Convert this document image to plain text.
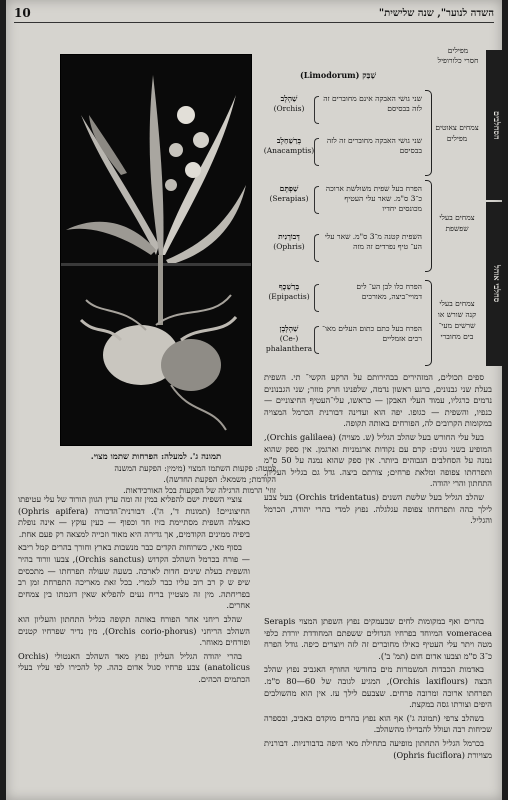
10	"השדה לנוער", שנה שלישית
תמונה ג'. למעלה: הפרחות שתמו מצוי.
למטה: פקעות השתמו המצוי (מימין: הפקעת המשנה
הקודמת; משמאל: הפקעת החדשה).
זוזי' הרמות הרגילה של הפקעות בכל האורכידאות.
הסחלבים
סחלבי אוהל
מפילים
חסרי כלורופיל
שַׁבַּק (Limodorum)
צמחים צאוטים מפילים
צמחים בעלי שפשפת
צמחים בעלי קנה שורש או שרשים מעי־ בים מחוברי
שני גושי האבקה אינם מחוברים זה לזה בבסיסם
שַׁהְלָב
(Orchis)
שני גושי האבקה מחוברים זה לזה בבסיסם
בְּרַשֵׁחַלָב
(Anacamptis)
הפרח בעל שפית משולשת ארוכה כ־3 ס"מ. שאר עלי העטיף מכונסים יחדיו
שַׁפְתָּם
(Serapias)
השפית קטנה מ־3 ס"מ. שאר עלי הע־ טיף נפרדים זה מזה
דְּבוֹרָנִית
(Ophris)
הפרח כלו לבן הע־ לים דמויי־ביצה, מאורכים
בְּרַשֵׁכֶף
(Epipactis)
הפרח בעל כתם כתום העלים מאו־ רכים אזמליים
שַׁהְלָבָן
(Ce-) phalanthera

ספים תכולים, המזהירים בבהירותם על הרקע הקשי־ תי. השפית בעלת שני גבנונים, ברגע ראשון נדמה, שלפנינו חרק מוזר; שני הגבנונים נדמים כרגליו, עמוד העלי האבקן — כראשו, עלי־העטיף החיצוניים — כנפיו, והשפית — כגופו. יפה הוא ועדינה דבורנית הכרמל המצויה במקומות הקרובים לה, הפורחים באותה תקופה.

בעל עלי החורש בעל שהלב הגליל (ש. מצויה) (Orchis galilaea), המופיע בשני גונים: קרם עם נקודות ארגמניות וארגמן. אין ספק שהוא נמנה על הסחלבים הגבוהים ביותר. אין ספק שהוא נמנה על 50 ס"מ ותפרחתו צפופה ומלאת פרחים; צורתם ביצה. גדל גם בגליל העליון, התחתון והרי יהודה.

שהלב הגליל בעל שלשת השנים (Orchis tridentatus) בעל צבע לילך כהה ותפרחתו צפופה עגלגלה. נפוץ למדי בהרי יהודה, הכרמל והגליל.

צוציי השפית ישם להפליא במין זה ומה עדין הגוון הורוד של עלי עטיפתו החיצוניים! (תמונות ד', ה'). דבורנית־הדבורה (Ophris apifera) כאצלה השפית מסתיימת בזיז חד וכפוף — כעין עוקץ — אינה נופלת ביפיה ממינים הקודמים, אך גדירה היא מאוד וזכייה למצאה רק פעם אחת.

בסוף מאי, כשרוחות הקדים כבר מנשבות בארץ וחורך בהרים קמל ריבא — פורח בכרמל השהלב הקדוש (Orchis sanctus), צבעו וורוד בהיר והשפית בעלת שינים חדות לארכה. בשעה שעולה תפרחתו — מתכסים שיפ ש ק רב רוב עליו כבר לגמרי. בכל זאת מאריכה התפרחת זמן רב בפריחתה. מין זה מצטיין בריח נעים להפליא שאין דוגמתו בין צמחים אחרים.

שהלב ריחני אחר הפורח באותה תקופה בגליל התחתון והעליון הוא השהלב הריחני (Orchis corio-phorus), מין נדיר שפרחיו קטנים ופורחים מאוחר.

בהרי יהודה הגליל העליון נפוץ מאד השהלב האנטולי (Orchis anatolicus) צבע פרחיו סגול אדום כהה. קל להכירו לפי עליו בעלי הכתמים הכהים.

בהרים ואף במקומות לחים שבעמקים נפוץ השפתן המצוי Serapis vomeracea המיוחד בפרחיו הגדולים ששפתם המחודדת יורדת כלפי מטה ויתר עלי העטיף כאילו מחוברים זה לזה ויוצרים כיפה. גודל הפרח כ־3 ס"מ וצבעו אדום חום (תמ' ב').

באדמות הכבדות המשמרות מים בחודשי החורף האגביב נפוץ שהלב הבצה (Orchis laxiflours), המגיע לגובה של 60—80 ס"מ. תפרחתו ארוכה ומרובה פרחים. שצבעם לילך עז. אין הוא מהשולבים היפים וצורתו גסה במקצת.

בשהלב צרפי (תמונה ג') אף הוא נפוץ בהרים מוקדם באביב, ובספרה שכיחות רבה ועולל להבדילו מהשהלב.

בכרמל הגליל התחתון מופיעה בתחילת מאי היפה בדבורניות. דבורנית מצויורת (Ophris fuciflora)
